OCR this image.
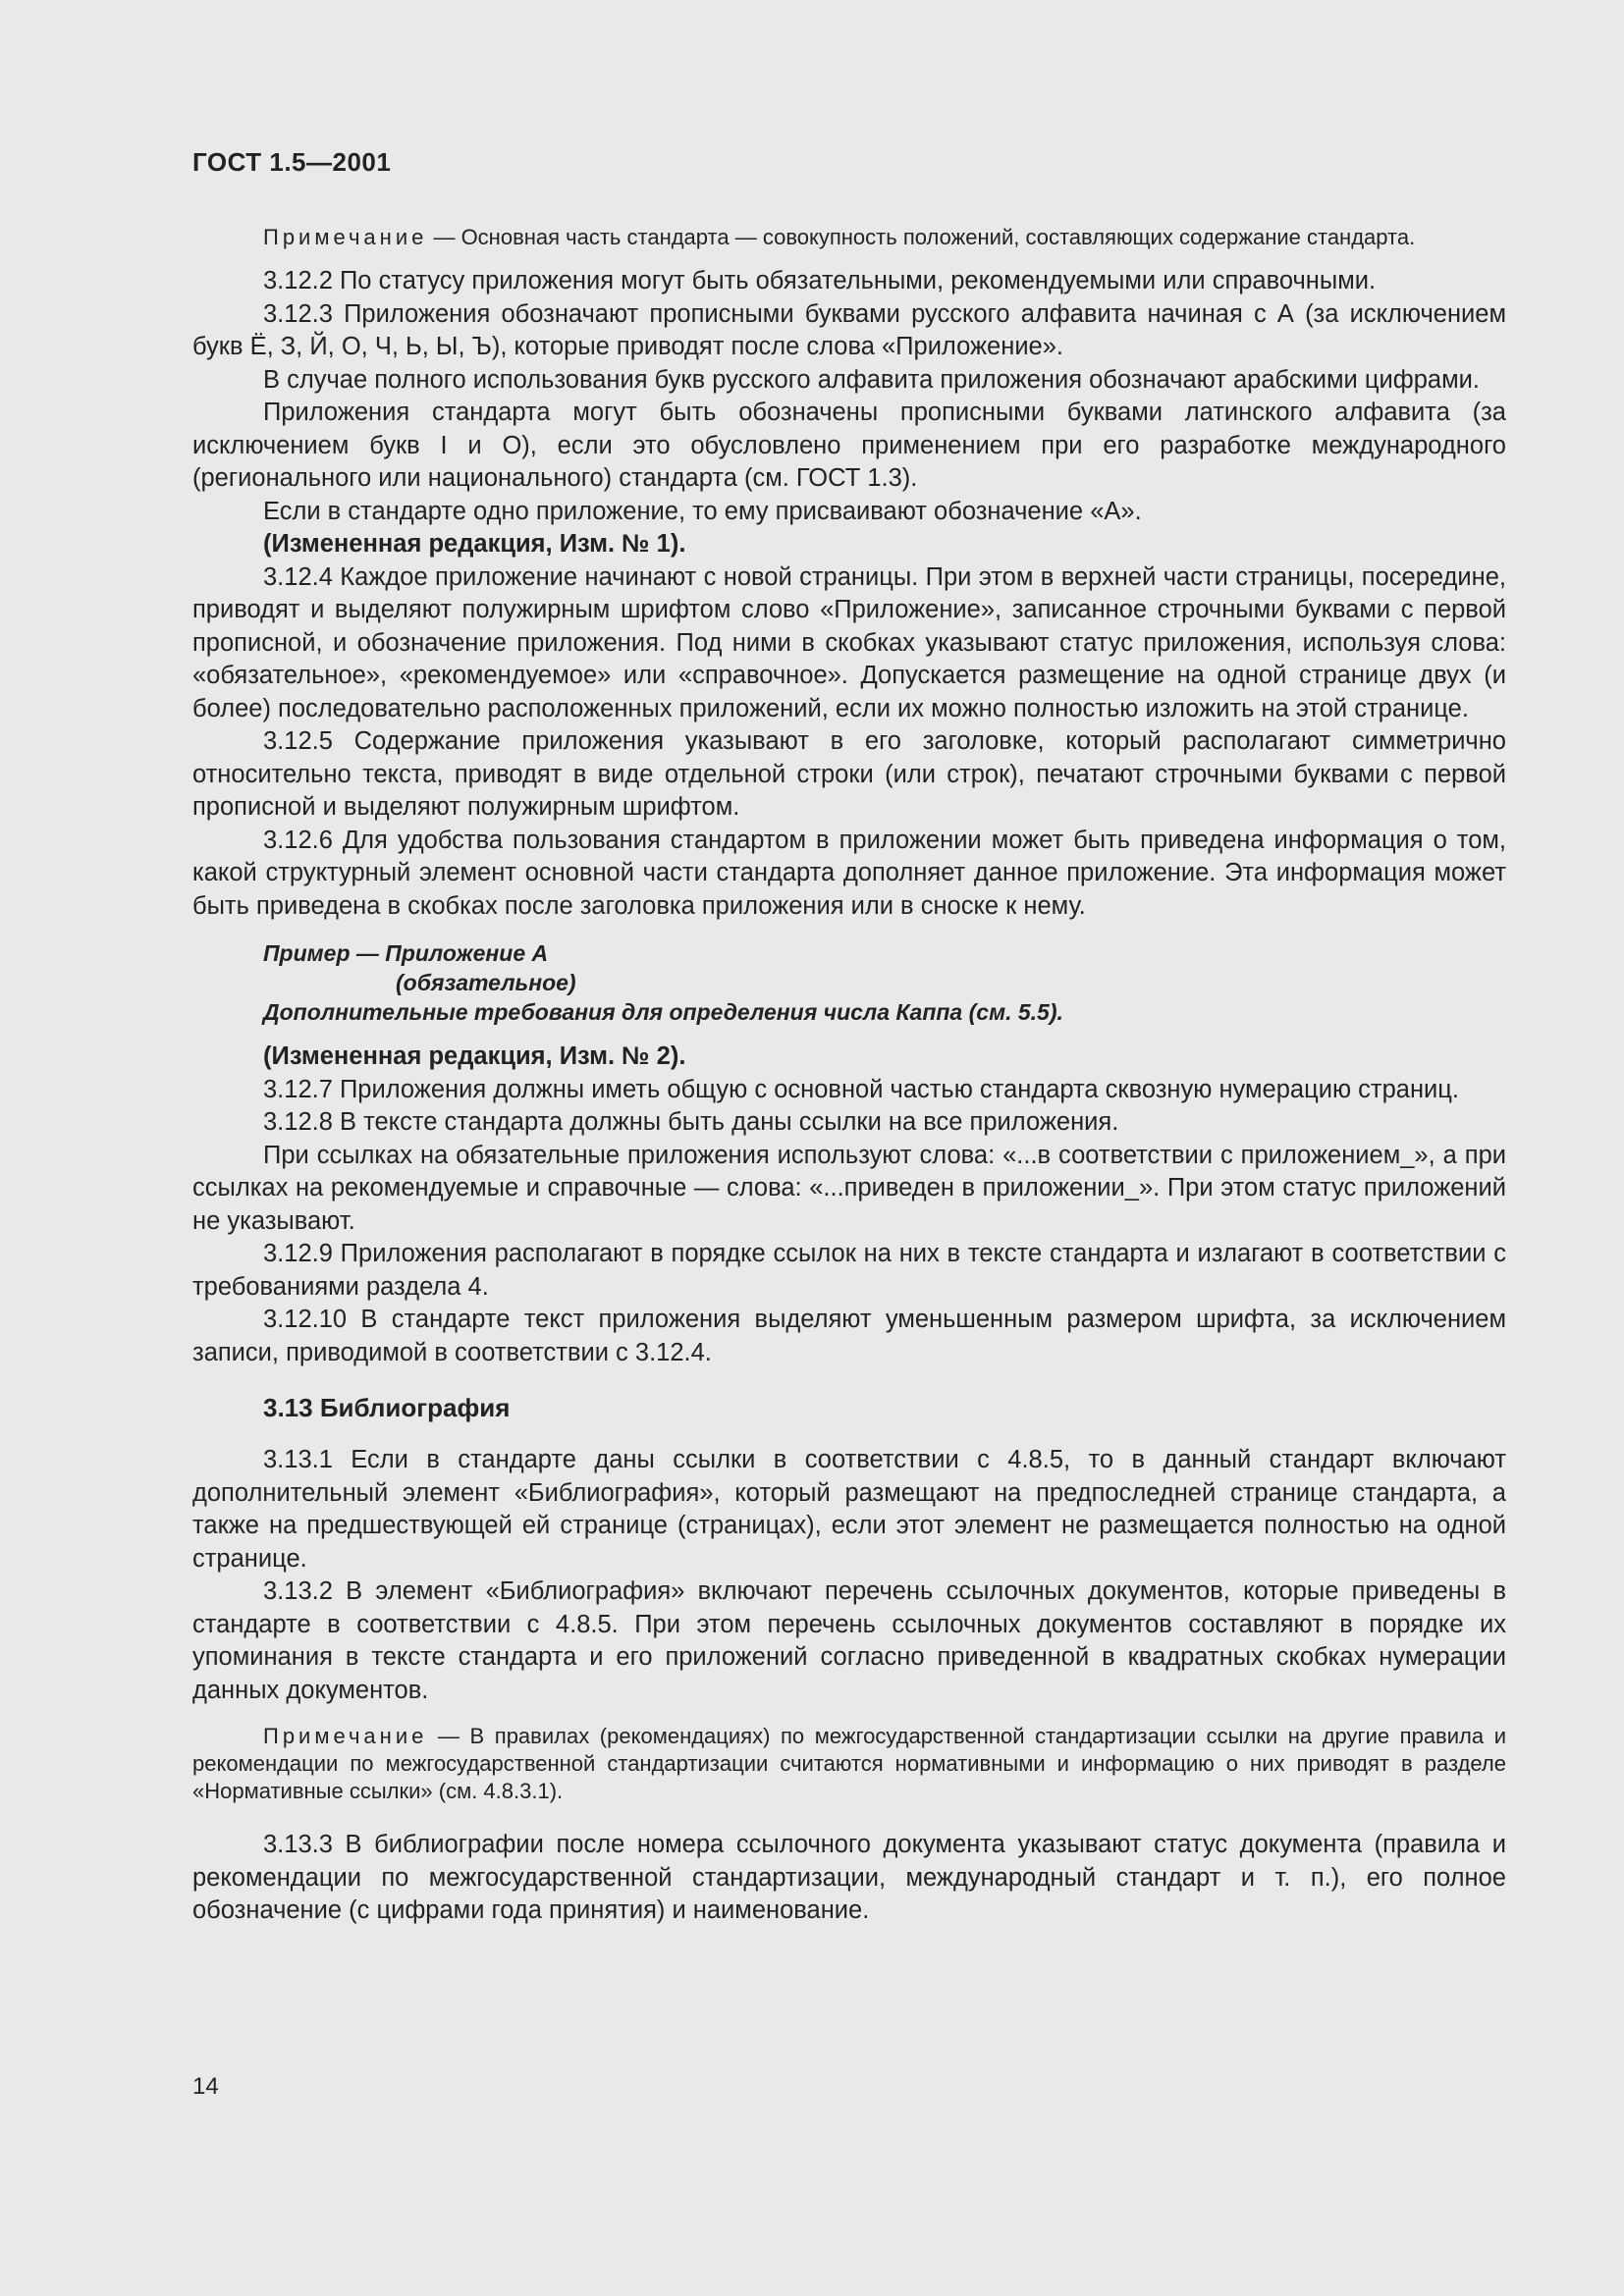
ГОСТ 1.5—2001

Примечание — Основная часть стандарта — совокупность положений, составляющих содержание стандарта.

3.12.2 По статусу приложения могут быть обязательными, рекомендуемыми или справочными.

3.12.3 Приложения обозначают прописными буквами русского алфавита начиная с А (за исключением букв Ё, З, Й, О, Ч, Ь, Ы, Ъ), которые приводят после слова «Приложение».

В случае полного использования букв русского алфавита приложения обозначают арабскими цифрами.

Приложения стандарта могут быть обозначены прописными буквами латинского алфавита (за исключением букв I и O), если это обусловлено применением при его разработке международного (регионального или национального) стандарта (см. ГОСТ 1.3).

Если в стандарте одно приложение, то ему присваивают обозначение «А».

(Измененная редакция, Изм. № 1).

3.12.4 Каждое приложение начинают с новой страницы. При этом в верхней части страницы, посередине, приводят и выделяют полужирным шрифтом слово «Приложение», записанное строчными буквами с первой прописной, и обозначение приложения. Под ними в скобках указывают статус приложения, используя слова: «обязательное», «рекомендуемое» или «справочное». Допускается размещение на одной странице двух (и более) последовательно расположенных приложений, если их можно полностью изложить на этой странице.

3.12.5 Содержание приложения указывают в его заголовке, который располагают симметрично относительно текста, приводят в виде отдельной строки (или строк), печатают строчными буквами с первой прописной и выделяют полужирным шрифтом.

3.12.6 Для удобства пользования стандартом в приложении может быть приведена информация о том, какой структурный элемент основной части стандарта дополняет данное приложение. Эта информация может быть приведена в скобках после заголовка приложения или в сноске к нему.

Пример — Приложение А
(обязательное)
Дополнительные требования для определения числа Каппа (см. 5.5).

(Измененная редакция, Изм. № 2).

3.12.7 Приложения должны иметь общую с основной частью стандарта сквозную нумерацию страниц.

3.12.8 В тексте стандарта должны быть даны ссылки на все приложения.

При ссылках на обязательные приложения используют слова: «...в соответствии с приложением_», а при ссылках на рекомендуемые и справочные — слова: «...приведен в приложении_». При этом статус приложений не указывают.

3.12.9 Приложения располагают в порядке ссылок на них в тексте стандарта и излагают в соответствии с требованиями раздела 4.

3.12.10 В стандарте текст приложения выделяют уменьшенным размером шрифта, за исключением записи, приводимой в соответствии с 3.12.4.

3.13 Библиография

3.13.1 Если в стандарте даны ссылки в соответствии с 4.8.5, то в данный стандарт включают дополнительный элемент «Библиография», который размещают на предпоследней странице стандарта, а также на предшествующей ей странице (страницах), если этот элемент не размещается полностью на одной странице.

3.13.2 В элемент «Библиография» включают перечень ссылочных документов, которые приведены в стандарте в соответствии с 4.8.5. При этом перечень ссылочных документов составляют в порядке их упоминания в тексте стандарта и его приложений согласно приведенной в квадратных скобках нумерации данных документов.

Примечание — В правилах (рекомендациях) по межгосударственной стандартизации ссылки на другие правила и рекомендации по межгосударственной стандартизации считаются нормативными и информацию о них приводят в разделе «Нормативные ссылки» (см. 4.8.3.1).

3.13.3 В библиографии после номера ссылочного документа указывают статус документа (правила и рекомендации по межгосударственной стандартизации, международный стандарт и т. п.), его полное обозначение (с цифрами года принятия) и наименование.

14
